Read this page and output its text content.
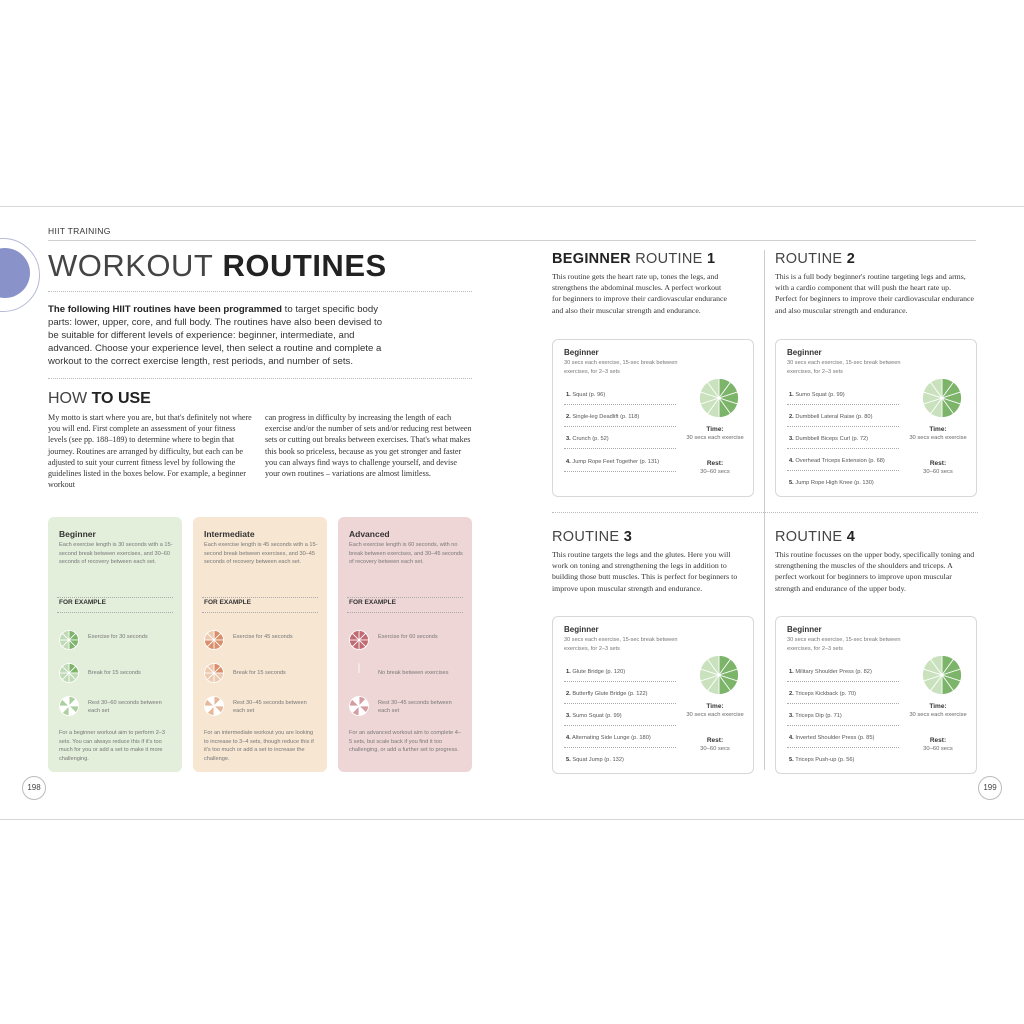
HIIT TRAINING
WORKOUT ROUTINES
The following HIIT routines have been programmed to target specific body parts: lower, upper, core, and full body. The routines have also been devised to be suitable for different levels of experience: beginner, intermediate, and advanced. Choose your experience level, then select a routine and complete a workout to the correct exercise length, rest periods, and number of sets.
HOW TO USE
My motto is start where you are, but that's definitely not where you will end. First complete an assessment of your fitness levels (see pp. 188–189) to determine where to begin that journey. Routines are arranged by difficulty, but each can be adjusted to suit your current fitness level by following the guidelines listed in the boxes below. For example, a beginner workout
can progress in difficulty by increasing the length of each exercise and/or the number of sets and/or reducing rest between sets or cutting out breaks between exercises. That's what makes this book so priceless, because as you get stronger and faster you can always find ways to challenge yourself, and devise your own routines – variations are almost limitless.
Beginner
Each exercise length is 30 seconds with a 15-second break between exercises, and 30–60 seconds of recovery between each set.
FOR EXAMPLE
Exercise for 30 seconds
Break for 15 seconds
Rest 30–60 seconds between each set
For a beginner workout aim to perform 2–3 sets. You can always reduce this if it's too much for you or add a set to make it more challenging.
Intermediate
Each exercise length is 45 seconds with a 15-second break between exercises, and 30–45 seconds of recovery between each set.
FOR EXAMPLE
Exercise for 45 seconds
Break for 15 seconds
Rest 30–45 seconds between each set
For an intermediate workout you are looking to increase to 3–4 sets, though reduce this if it's too much or add a set to increase the challenge.
Advanced
Each exercise length is 60 seconds, with no break between exercises, and 30–45 seconds of recovery between each set.
FOR EXAMPLE
Exercise for 60 seconds
No break between exercises
Rest 30–45 seconds between each set
For an advanced workout aim to complete 4–5 sets, but scale back if you find it too challenging, or add a further set to progress.
198
BEGINNER ROUTINE 1
This routine gets the heart rate up, tones the legs, and strengthens the abdominal muscles. A perfect workout for beginners to improve their cardiovascular endurance and also their muscular strength and endurance.
Beginner
30 secs each exercise, 15-sec break between exercises, for 2–3 sets
1. Squat (p. 96)
2. Single-leg Deadlift (p. 118)
3. Crunch (p. 52)
4. Jump Rope Feet Together (p. 131)
Time:
30 secs each exercise
Rest:
30–60 secs
ROUTINE 2
This is a full body beginner's routine targeting legs and arms, with a cardio component that will push the heart rate up. Perfect for beginners to improve their cardiovascular endurance and also muscular strength and endurance.
Beginner
30 secs each exercise, 15-sec break between exercises, for 2–3 sets
1. Sumo Squat (p. 99)
2. Dumbbell Lateral Raise (p. 80)
3. Dumbbell Biceps Curl (p. 72)
4. Overhead Triceps Extension (p. 68)
5. Jump Rope High Knee (p. 130)
Time:
30 secs each exercise
Rest:
30–60 secs
ROUTINE 3
This routine targets the legs and the glutes. Here you will work on toning and strengthening the legs in addition to building those butt muscles. This is perfect for beginners to improve upon muscular strength and endurance.
Beginner
30 secs each exercise, 15-sec break between exercises, for 2–3 sets
1. Glute Bridge (p. 120)
2. Butterfly Glute Bridge (p. 122)
3. Sumo Squat (p. 99)
4. Alternating Side Lunge (p. 180)
5. Squat Jump (p. 132)
Time:
30 secs each exercise
Rest:
30–60 secs
ROUTINE 4
This routine focusses on the upper body, specifically toning and strengthening the muscles of the shoulders and triceps. A perfect workout for beginners to improve upon muscular strength and endurance of the upper body.
Beginner
30 secs each exercise, 15-sec break between exercises, for 2–3 sets
1. Military Shoulder Press (p. 82)
2. Triceps Kickback (p. 70)
3. Triceps Dip (p. 71)
4. Inverted Shoulder Press (p. 85)
5. Triceps Push-up (p. 56)
Time:
30 secs each exercise
Rest:
30–60 secs
199
